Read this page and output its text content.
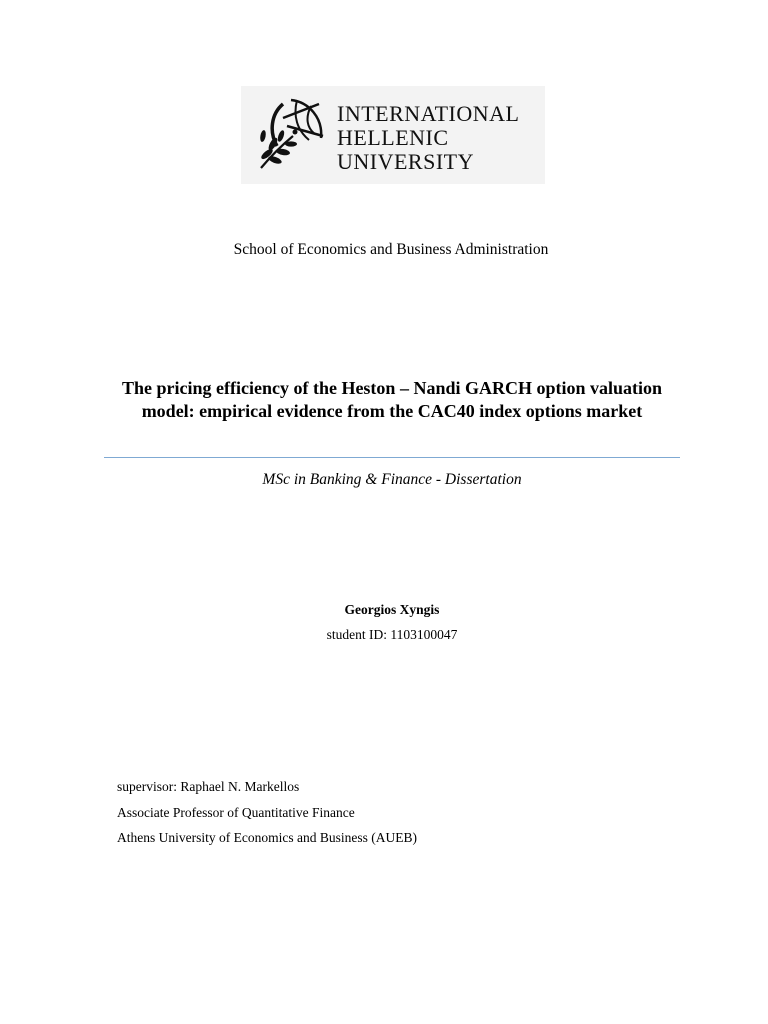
INTERNATIONAL
HELLENIC
UNIVERSITY
School of Economics and Business Administration
The pricing efficiency of the Heston – Nandi GARCH option valuation model: empirical evidence from the CAC40 index options market
MSc in Banking & Finance - Dissertation
Georgios Xyngis
student ID: 1103100047
supervisor: Raphael N. Markellos
Associate Professor of Quantitative Finance
Athens University of Economics and Business (AUEB)
